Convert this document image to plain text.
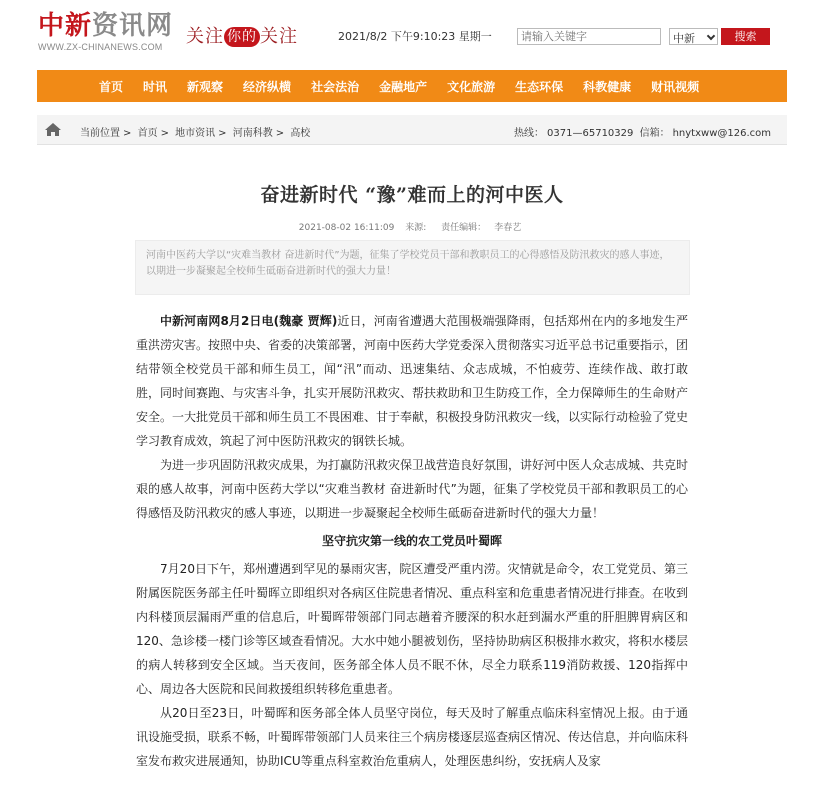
中新资讯网
WWW.ZX-CHINANEWS.COM	关注 你的 关注	2021/8/2 下午9:10:23 星期一
请输入关键字	中新	搜索
首页 时讯 新观察 经济纵横 社会法治 金融地产 文化旅游 生态环保 科教健康 财讯视频
当前位置 > 首页 > 地市资讯 > 河南科教 > 高校	热线： 0371—65710329 信箱： hnytxww@126.com
奋进新时代 “豫”难而上的河中医人
2021-08-02 16:11:09 来源: 责任编辑： 李春艺
河南中医药大学以“灾难当教材 奋进新时代”为题，征集了学校党员干部和教职员工的心得感悟及防汛救灾的感人事迹，以期进一步凝聚起全校师生砥砺奋进新时代的强大力量！

中新河南网8月2日电(魏豪 贾辉)近日，河南省遭遇大范围极端强降雨，包括郑州在内的多地发生严重洪涝灾害。按照中央、省委的决策部署，河南中医药大学党委深入贯彻落实习近平总书记重要指示，团结带领全校党员干部和师生员工，闻“汛”而动、迅速集结、众志成城，不怕疲劳、连续作战、敢打敢胜，同时间赛跑、与灾害斗争，扎实开展防汛救灾、帮扶救助和卫生防疫工作，全力保障师生的生命财产安全。一大批党员干部和师生员工不畏困难、甘于奉献，积极投身防汛救灾一线，以实际行动检验了党史学习教育成效，筑起了河中医防汛救灾的钢铁长城。

为进一步巩固防汛救灾成果，为打赢防汛救灾保卫战营造良好氛围，讲好河中医人众志成城、共克时艰的感人故事，河南中医药大学以“灾难当教材 奋进新时代”为题，征集了学校党员干部和教职员工的心得感悟及防汛救灾的感人事迹，以期进一步凝聚起全校师生砥砺奋进新时代的强大力量！

坚守抗灾第一线的农工党员叶蜀晖

7月20日下午，郑州遭遇到罕见的暴雨灾害，院区遭受严重内涝。灾情就是命令，农工党党员、第三附属医院医务部主任叶蜀晖立即组织对各病区住院患者情况、重点科室和危重患者情况进行排查。在收到内科楼顶层漏雨严重的信息后，叶蜀晖带领部门同志趟着齐腰深的积水赶到漏水严重的肝胆脾胃病区和120、急诊楼一楼门诊等区域查看情况。大水中她小腿被划伤，坚持协助病区积极排水救灾，将积水楼层的病人转移到安全区域。当天夜间，医务部全体人员不眠不休，尽全力联系119消防救援、120指挥中心、周边各大医院和民间救援组织转移危重患者。

从20日至23日，叶蜀晖和医务部全体人员坚守岗位，每天及时了解重点临床科室情况上报。由于通讯设施受损，联系不畅，叶蜀晖带领部门人员来往三个病房楼逐层巡查病区情况、传达信息，并向临床科室发布救灾进展通知，协助ICU等重点科室救治危重病人，处理医患纠纷，安抚病人及家
